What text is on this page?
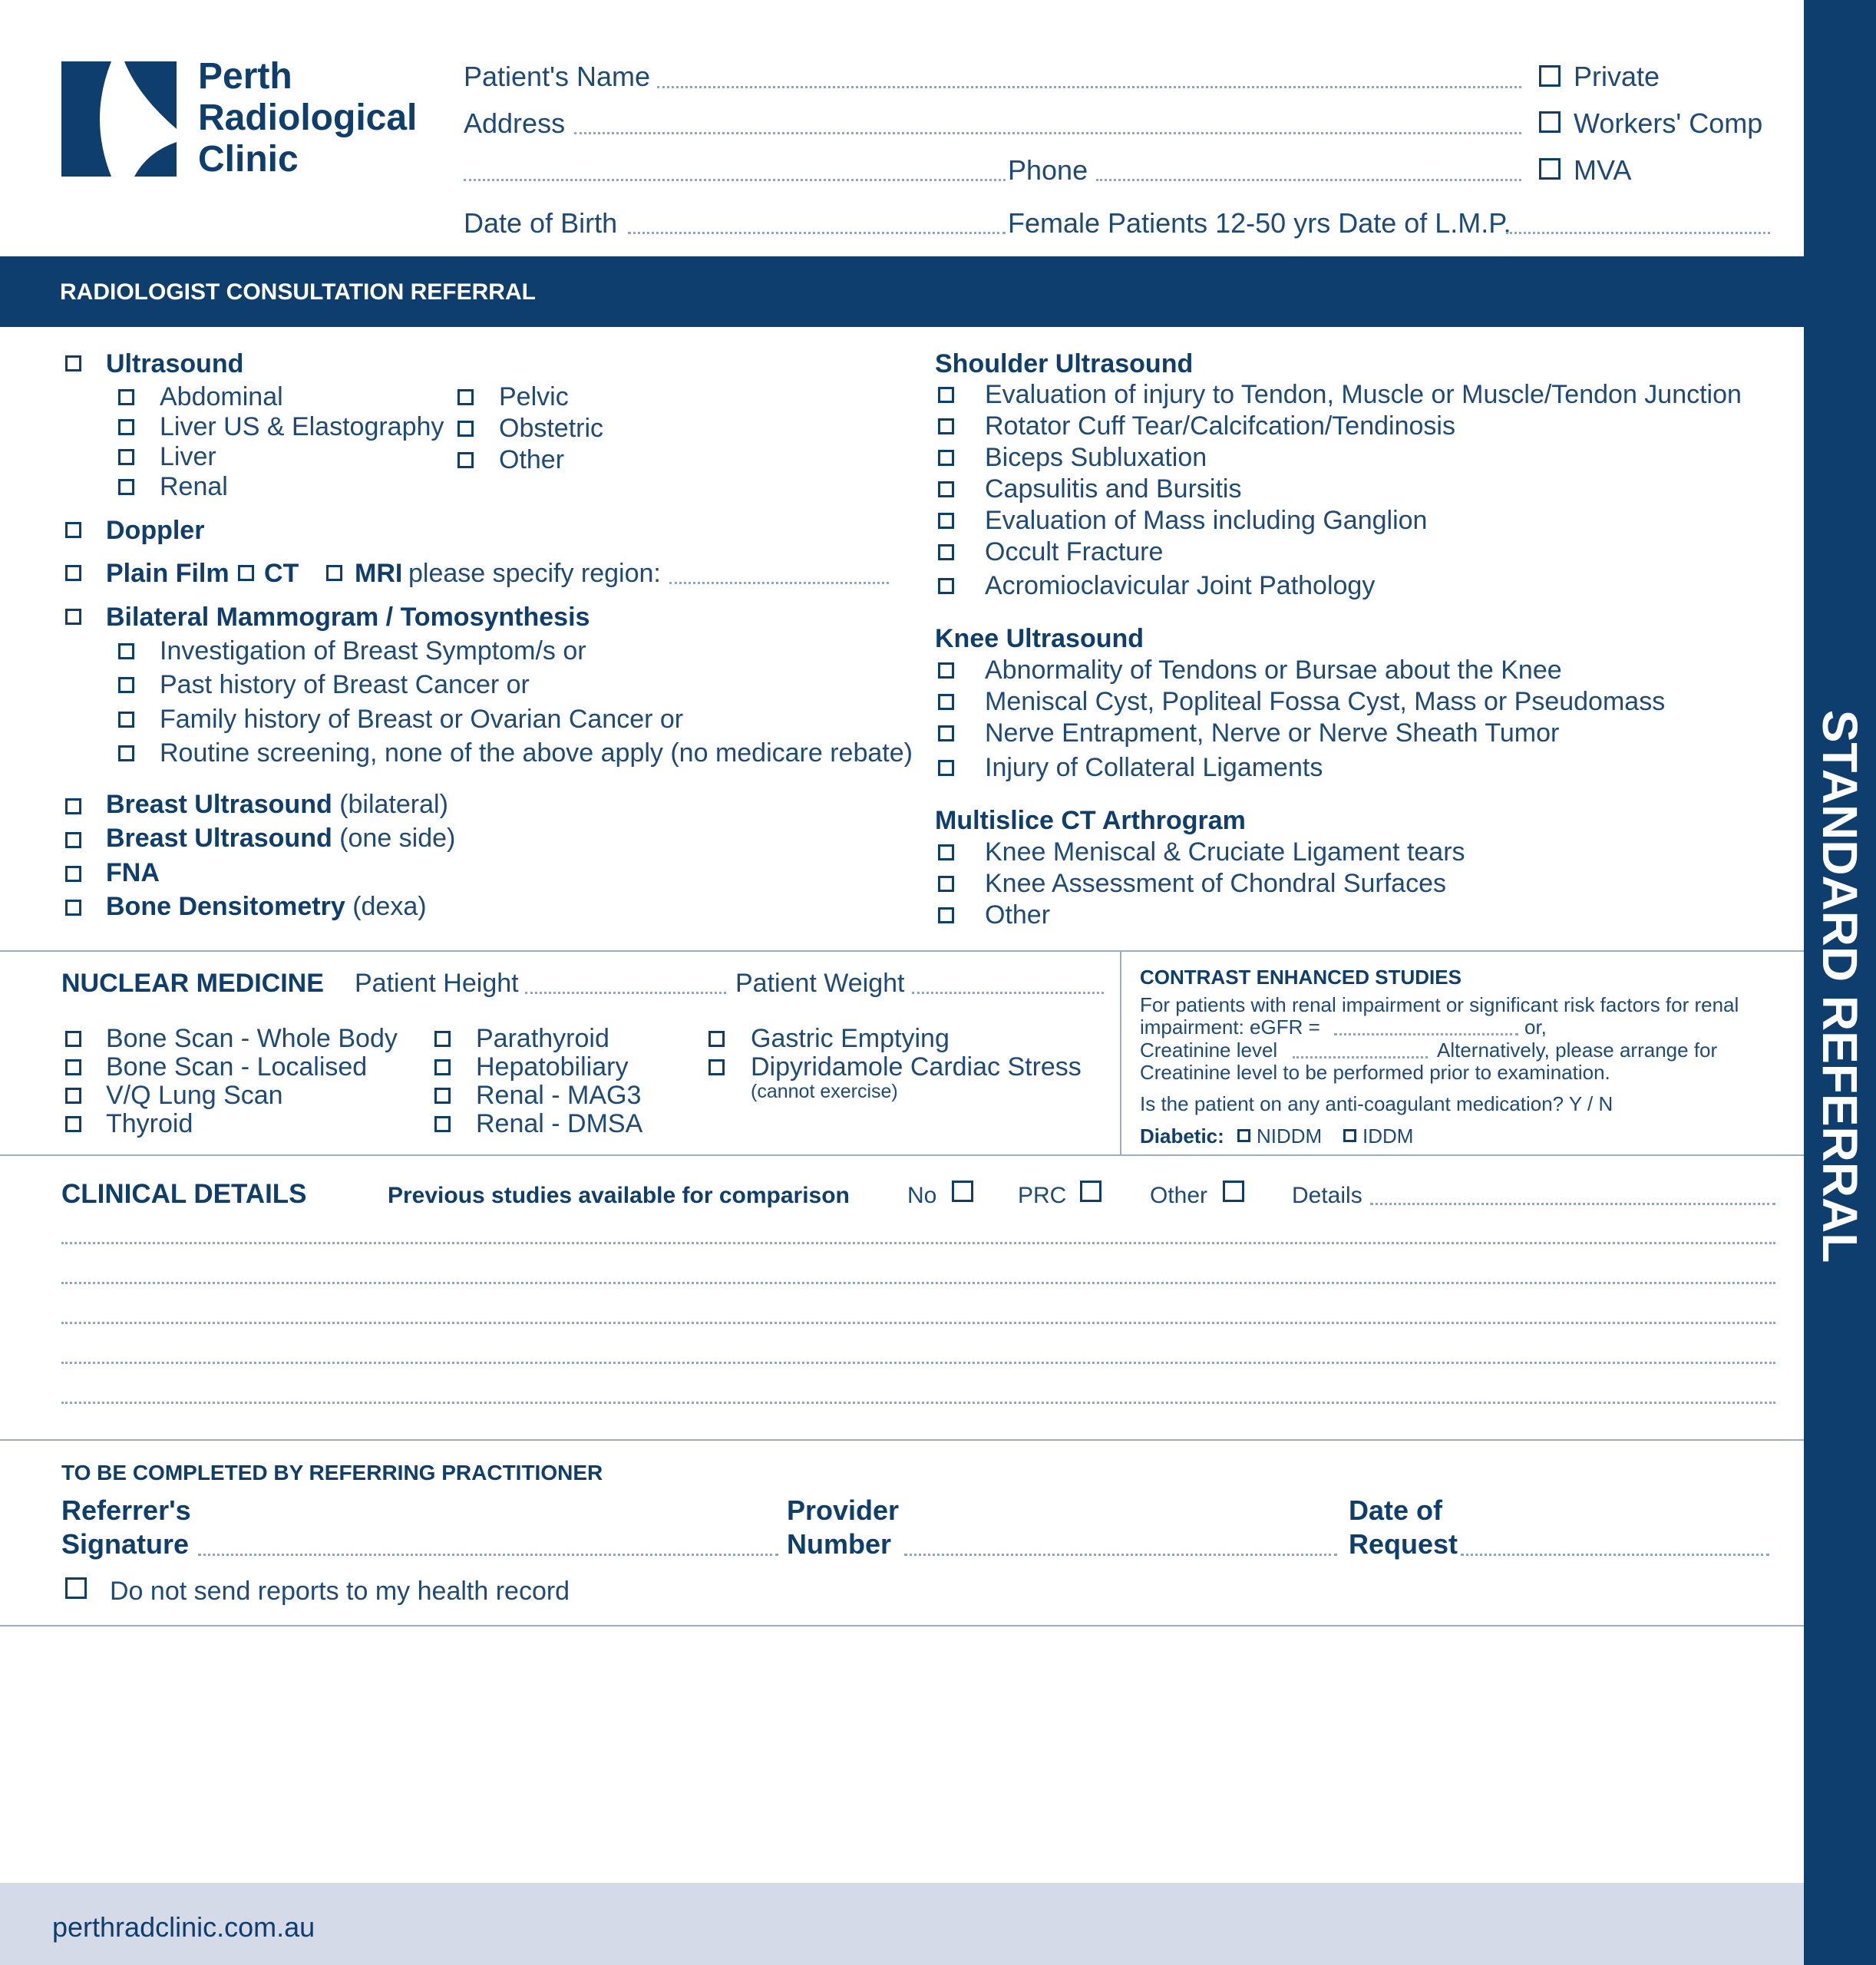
Perth
Radiological
Clinic
Patient's Name
Address
Phone
Date of Birth	Female Patients 12-50 yrs Date of L.M.P.
Private
Workers' Comp
MVA
RADIOLOGIST CONSULTATION REFERRAL
STANDARD REFERRAL
Ultrasound
Abdominal
Liver US & Elastography
Liver
Renal
Pelvic
Obstetric
Other
Doppler
Plain Film CT MRI please specify region:
Bilateral Mammogram / Tomosynthesis
Investigation of Breast Symptom/s or
Past history of Breast Cancer or
Family history of Breast or Ovarian Cancer or
Routine screening, none of the above apply (no medicare rebate)
Breast Ultrasound (bilateral)
Breast Ultrasound (one side)
FNA
Bone Densitometry (dexa)
Shoulder Ultrasound
Evaluation of injury to Tendon, Muscle or Muscle/Tendon Junction
Rotator Cuff Tear/Calcifcation/Tendinosis
Biceps Subluxation
Capsulitis and Bursitis
Evaluation of Mass including Ganglion
Occult Fracture
Acromioclavicular Joint Pathology
Knee Ultrasound
Abnormality of Tendons or Bursae about the Knee
Meniscal Cyst, Popliteal Fossa Cyst, Mass or Pseudomass
Nerve Entrapment, Nerve or Nerve Sheath Tumor
Injury of Collateral Ligaments
Multislice CT Arthrogram
Knee Meniscal & Cruciate Ligament tears
Knee Assessment of Chondral Surfaces
Other
NUCLEAR MEDICINE Patient Height	Patient Weight
Bone Scan - Whole Body
Bone Scan - Localised
V/Q Lung Scan
Thyroid
Parathyroid
Hepatobiliary
Renal - MAG3
Renal - DMSA
Gastric Emptying
Dipyridamole Cardiac Stress
(cannot exercise)
CONTRAST ENHANCED STUDIES
For patients with renal impairment or significant risk factors for renal
impairment: eGFR =	or,
Creatinine level	Alternatively, please arrange for
Creatinine level to be performed prior to examination.
Is the patient on any anti-coagulant medication? Y / N
Diabetic: NIDDM IDDM
CLINICAL DETAILS	Previous studies available for comparison	No	PRC	Other	Details
TO BE COMPLETED BY REFERRING PRACTITIONER
Referrer's
Signature
Provider
Number
Date of
Request
Do not send reports to my health record
perthradclinic.com.au
